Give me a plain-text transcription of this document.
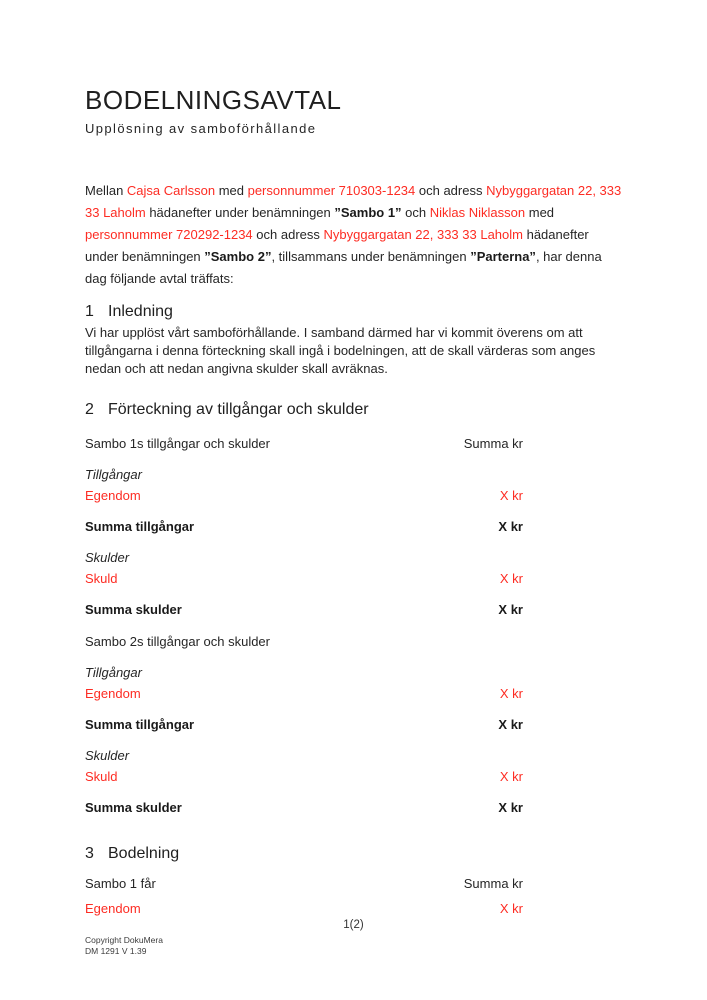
BODELNINGSAVTAL
Upplösning av samboförhållande

Mellan Cajsa Carlsson med personnummer 710303-1234 och adress Nybyggargatan 22, 333 33 Laholm hädanefter under benämningen ”Sambo 1” och Niklas Niklasson med personnummer 720292-1234 och adress Nybyggargatan 22, 333 33 Laholm hädanefter under benämningen ”Sambo 2”, tillsammans under benämningen ”Parterna”, har denna dag följande avtal träffats:

1 Inledning

Vi har upplöst vårt samboförhållande. I samband därmed har vi kommit överens om att tillgångarna i denna förteckning skall ingå i bodelningen, att de skall värderas som anges nedan och att nedan angivna skulder skall avräknas.

2 Förteckning av tillgångar och skulder
Sambo 1s tillgångar och skulder	Summa kr
Tillgångar
Egendom	X kr
Summa tillgångar	X kr
Skulder
Skuld	X kr
Summa skulder	X kr
Sambo 2s tillgångar och skulder
Tillgångar
Egendom	X kr
Summa tillgångar	X kr
Skulder
Skuld	X kr
Summa skulder	X kr
3 Bodelning
Sambo 1 får	Summa kr
Egendom	X kr
1(2)
Copyright DokuMera
DM 1291 V 1.39
